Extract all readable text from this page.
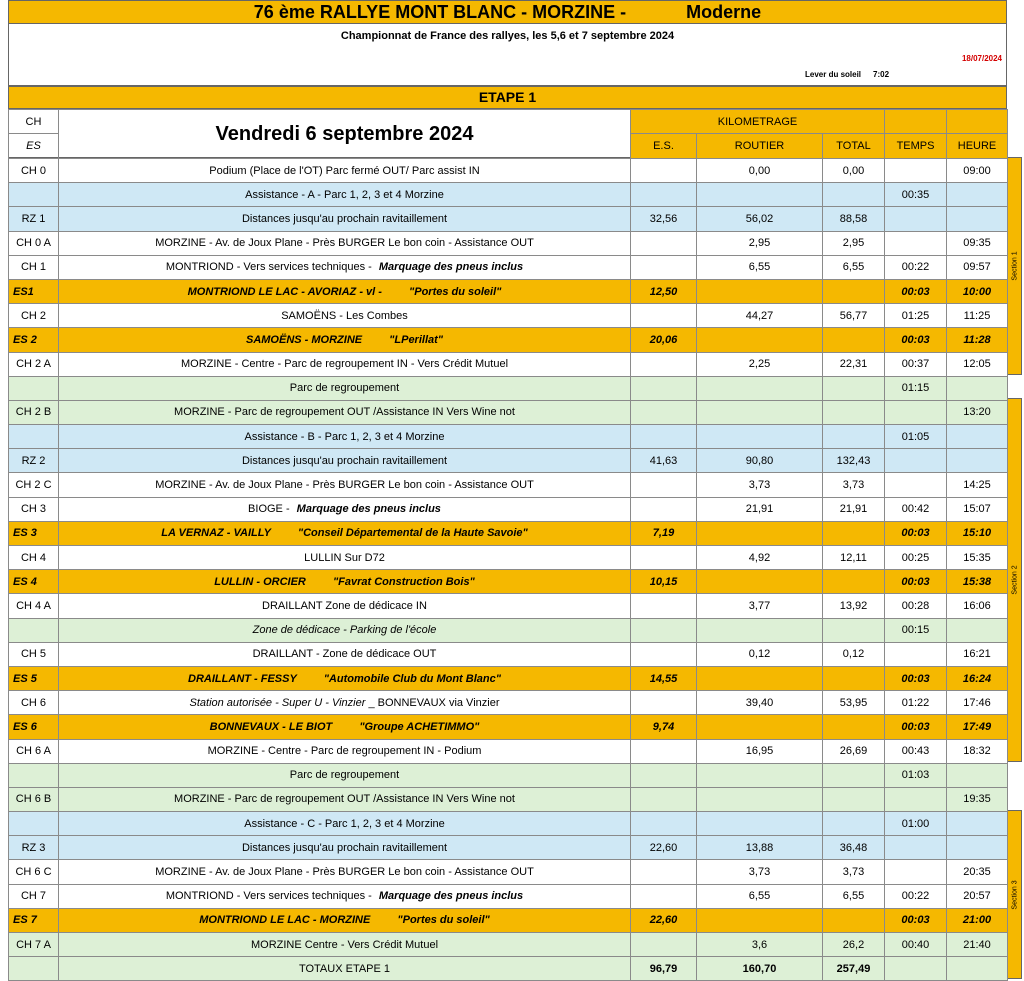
76 ème RALLYE MONT BLANC - MORZINE -	Moderne
Championnat de France des rallyes, les 5,6 et 7 septembre 2024
18/07/2024
Lever du soleil 7:02
ETAPE 1
CH	Vendredi 6 septembre 2024	KILOMETRAGE				
ES		E.S.	ROUTIER	TOTAL	TEMPS	HEURE
CH 0	Podium (Place de l'OT) Parc fermé OUT/ Parc assist IN		0,00	0,00		09:00
	Assistance - A - Parc 1, 2, 3 et 4 Morzine				00:35	
RZ 1	Distances jusqu'au prochain ravitaillement	32,56	56,02	88,58		
CH 0 A	MORZINE - Av. de Joux Plane - Près BURGER Le bon coin - Assistance OUT		2,95	2,95		09:35
CH 1	MONTRIOND - Vers services techniques - Marquage des pneus inclus		6,55	6,55	00:22	09:57
ES1	MONTRIOND LE LAC - AVORIAZ - vl - "Portes du soleil"	12,50			00:03	10:00
CH 2	SAMOËNS - Les Combes		44,27	56,77	01:25	11:25
ES 2	SAMOËNS - MORZINE "LPerillat"	20,06			00:03	11:28
CH 2 A	MORZINE - Centre - Parc de regroupement IN - Vers Crédit Mutuel		2,25	22,31	00:37	12:05
	Parc de regroupement				01:15	
CH 2 B	MORZINE - Parc de regroupement OUT /Assistance IN Vers Wine not					13:20
	Assistance - B - Parc 1, 2, 3 et 4 Morzine				01:05	
RZ 2	Distances jusqu'au prochain ravitaillement	41,63	90,80	132,43		
CH 2 C	MORZINE - Av. de Joux Plane - Près BURGER Le bon coin - Assistance OUT		3,73	3,73		14:25
CH 3	BIOGE - Marquage des pneus inclus		21,91	21,91	00:42	15:07
ES 3	LA VERNAZ - VAILLY "Conseil Départemental de la Haute Savoie"	7,19			00:03	15:10
CH 4	LULLIN Sur D72		4,92	12,11	00:25	15:35
ES 4	LULLIN - ORCIER "Favrat Construction Bois"	10,15			00:03	15:38
CH 4 A	DRAILLANT Zone de dédicace IN		3,77	13,92	00:28	16:06
	Zone de dédicace - Parking de l'école				00:15	
CH 5	DRAILLANT - Zone de dédicace OUT		0,12	0,12		16:21
ES 5	DRAILLANT - FESSY "Automobile Club du Mont Blanc"	14,55			00:03	16:24
CH 6	Station autorisée - Super U - Vinzier _ BONNEVAUX via Vinzier		39,40	53,95	01:22	17:46
ES 6	BONNEVAUX - LE BIOT "Groupe ACHETIMMO"	9,74			00:03	17:49
CH 6 A	MORZINE - Centre - Parc de regroupement IN - Podium		16,95	26,69	00:43	18:32
	Parc de regroupement				01:03	
CH 6 B	MORZINE - Parc de regroupement OUT /Assistance IN Vers Wine not					19:35
	Assistance - C - Parc 1, 2, 3 et 4 Morzine				01:00	
RZ 3	Distances jusqu'au prochain ravitaillement	22,60	13,88	36,48		
CH 6 C	MORZINE - Av. de Joux Plane - Près BURGER Le bon coin - Assistance OUT		3,73	3,73		20:35
CH 7	MONTRIOND - Vers services techniques - Marquage des pneus inclus		6,55	6,55	00:22	20:57
ES 7	MONTRIOND LE LAC - MORZINE "Portes du soleil"	22,60			00:03	21:00
CH 7 A	MORZINE Centre - Vers Crédit Mutuel		3,6	26,2	00:40	21:40
	TOTAUX ETAPE 1	96,79	160,70	257,49		
Section 1
Section 2
Section 3
